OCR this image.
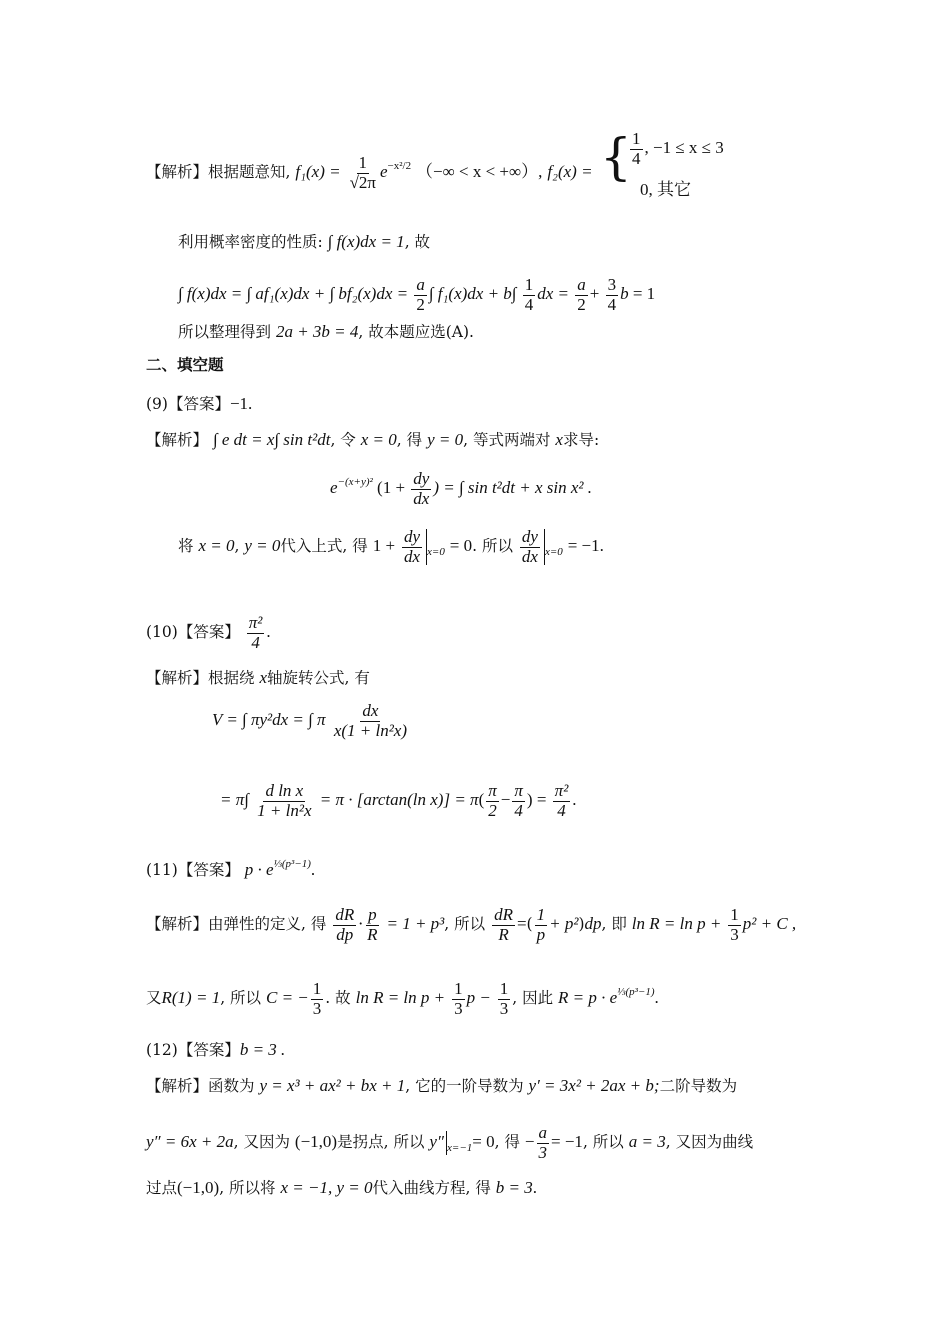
【解析】根据题意知, $f_1(x) = \frac{1}{√2\pi} e^{-x^2/2}$ （−∞ < x < +∞）, f₂(x) = {
$\frac{1}{4}$ , −1 ≤ x ≤ 3
0, 其它
利用概率密度的性质: ∫ f(x)dx = 1, 故
∫ f(x)dx = ∫ af₁(x)dx + ∫ $bf_2(x)dx = \frac{a}{2}$ ∫ $f_1(x)dx + b\int \frac{1}{4}$ dx = $\frac{a}{2} + \frac{3}{4}$ b = 1
所以整理得到 2a + 3b = 4, 故本题应选(A).
二、填空题
(9)【答案】−1.
【解析】 ∫ e dt = x∫ sin t²dt, 令 x = 0, 得 y = 0, 等式两端对 x求导:
$e^{-(x+y)^2}$ ($1 + \frac{dy}{dx}$ ) = ∫ sin t²dt + x sin x² .
将 x = 0, y = 0代入上式, 得 $1 + \frac{dy}{dx} _{x=0} = 0$. 所以 $\frac{dy}{dx} _{x=0} = -1$.
(10)【答案】 $\frac{\text{π²}}{4}$ .
【解析】根据绕 x轴旋转公式, 有
V = ∫ πy²dx = ∫ π $\frac{dx}{\text{x(1 + ln²x)}}$
= $\pi\int \frac{\text{d ln x}}{\text{1 + ln²x}} = \pi \cdot [\arctan(\ln$ $x)] = \pi( \frac{\pi}{2} - \frac{\pi}{4}$ ) = $\frac{\text{π²}}{4}$ .
(11)【答案】 $p \cdot e^{\frac{1}{3}(p^3-1)}$.
【解析】由弹性的定义, 得 $\frac{dR}{dp} \cdot \frac{p}{R} = 1 + p^3$, 所以 $\frac{dR}{R}$ =( $\frac{1}{p} + p^2)dp$, 即 $\ln R = \ln p + \frac{1}{3} p^2 + C$ ,
又R(1) = 1, 所以 C = − $\frac{1}{3}$ . 故 $\ln R = \ln p + \frac{1}{3}$ $p - \frac{1}{3}$ , 因此 $R = p \cdot e^{\frac{1}{3}(p^3-1)}$.
(12)【答案】b = 3 .
【解析】函数为 y = x³ + ax² + bx + 1, 它的一阶导数为 y′ = 3x² + 2ax + b;二阶导数为
y″ = 6x + 2a, 又因为 (−1,0)是拐点, 所以 y″ $_{x=-1}$= 0, 得 − $\frac{a}{3} = -1$, 所以 a = 3, 又因为曲线
过点(−1,0), 所以将 x = −1, y = 0代入曲线方程, 得 b = 3.
